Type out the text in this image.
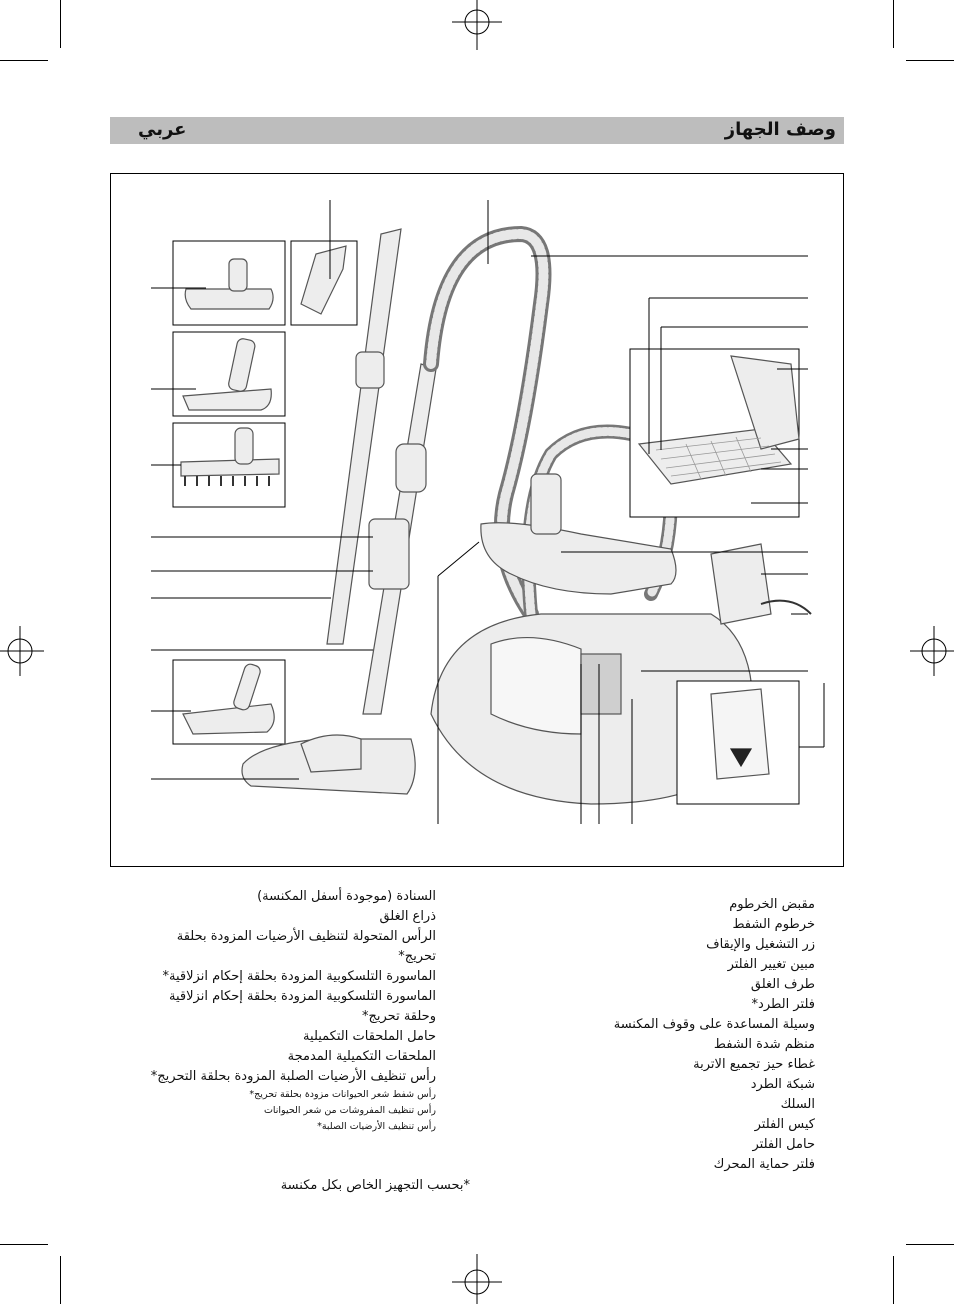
وصف الجهاز
عربي
مقبض الخرطوم
خرطوم الشفط
زر التشغيل والإيقاف
مبين تغيير الفلتر
طرف الغلق
فلتر الطرد*
وسيلة المساعدة على وقوف المكنسة
منظم شدة الشفط
غطاء حيز تجميع الاتربة
شبكة الطرد
السلك
كيس الفلتر
حامل الفلتر
فلتر حماية المحرك
السنادة (موجودة أسفل المكنسة)
ذراع الغلق
الرأس المتحولة لتنظيف الأرضيات المزودة بحلقة
تحريج*
الماسورة التلسكوبية المزودة بحلقة إحكام انزلاقية*
الماسورة التلسكوبية المزودة بحلقة إحكام انزلاقية
وحلقة تحريج*
حامل الملحقات التكميلية
الملحقات التكميلية المدمجة
رأس تنظيف الأرضيات الصلبة المزودة بحلقة التحريج*
رأس شفط شعر الحيوانات مزودة بحلقة تحريج*
رأس تنظيف المفروشات من شعر الحيوانات
رأس تنظيف الأرضيات الصلبة*
*بحسب التجهيز الخاص بكل مكنسة
